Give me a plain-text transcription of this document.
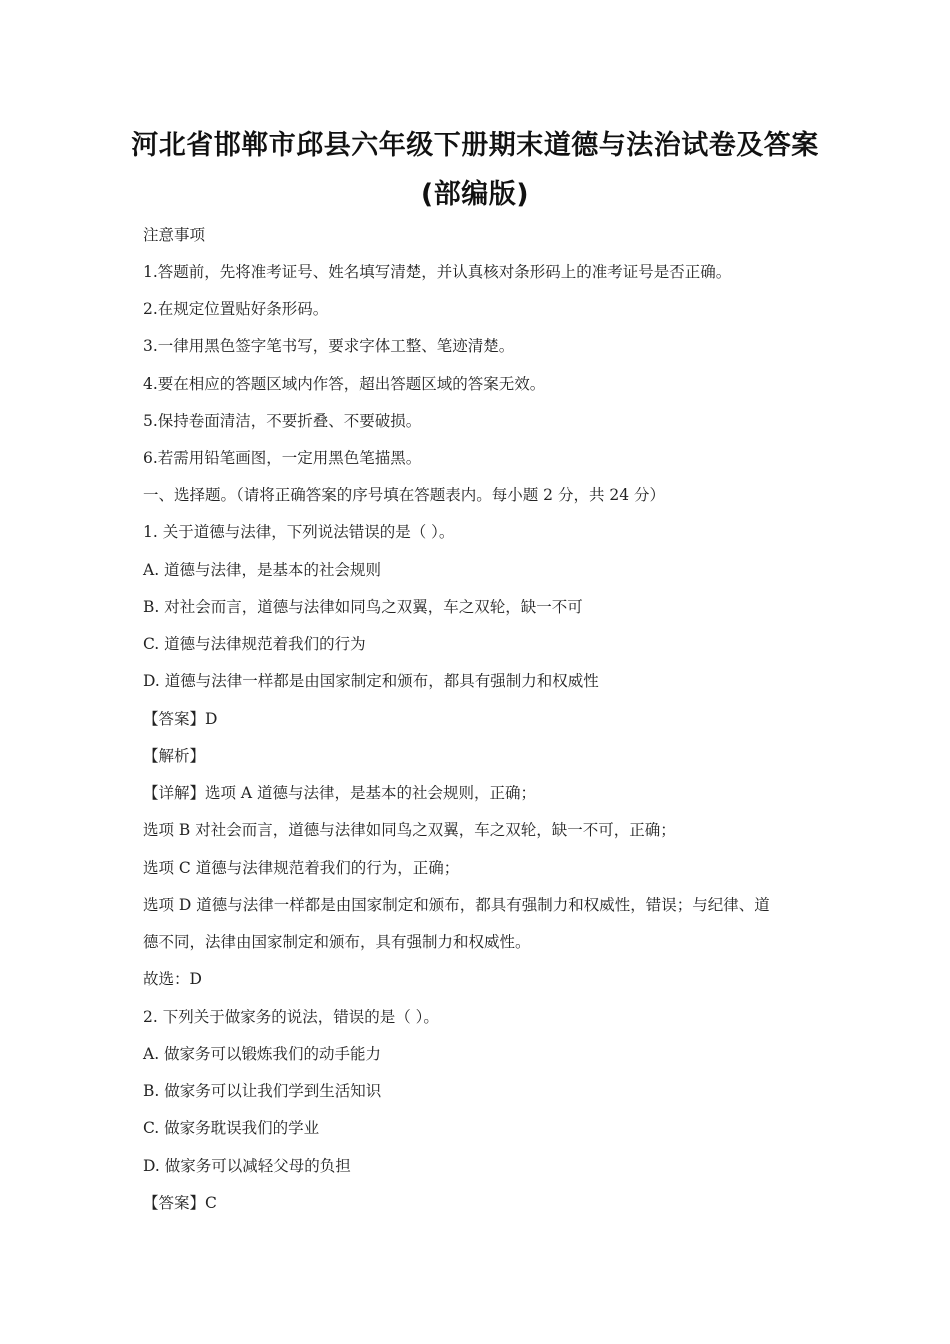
河北省邯郸市邱县六年级下册期末道德与法治试卷及答案
(部编版)
注意事项
1.答题前，先将准考证号、姓名填写清楚，并认真核对条形码上的准考证号是否正确。
2.在规定位置贴好条形码。
3.一律用黑色签字笔书写，要求字体工整、笔迹清楚。
4.要在相应的答题区域内作答，超出答题区域的答案无效。
5.保持卷面清洁，不要折叠、不要破损。
6.若需用铅笔画图，一定用黑色笔描黑。
一、选择题。（请将正确答案的序号填在答题表内。每小题 2 分，共 24 分）
1. 关于道德与法律，下列说法错误的是（ ）。
A. 道德与法律，是基本的社会规则
B. 对社会而言，道德与法律如同鸟之双翼，车之双轮，缺一不可
C. 道德与法律规范着我们的行为
D. 道德与法律一样都是由国家制定和颁布，都具有强制力和权威性
【答案】D
【解析】
【详解】选项 A 道德与法律，是基本的社会规则，正确；
选项 B 对社会而言，道德与法律如同鸟之双翼，车之双轮，缺一不可，正确；
选项 C 道德与法律规范着我们的行为，正确；
选项 D 道德与法律一样都是由国家制定和颁布，都具有强制力和权威性，错误；与纪律、道
德不同，法律由国家制定和颁布，具有强制力和权威性。
故选：D
2. 下列关于做家务的说法，错误的是（ ）。
A. 做家务可以锻炼我们的动手能力
B. 做家务可以让我们学到生活知识
C. 做家务耽误我们的学业
D. 做家务可以减轻父母的负担
【答案】C
